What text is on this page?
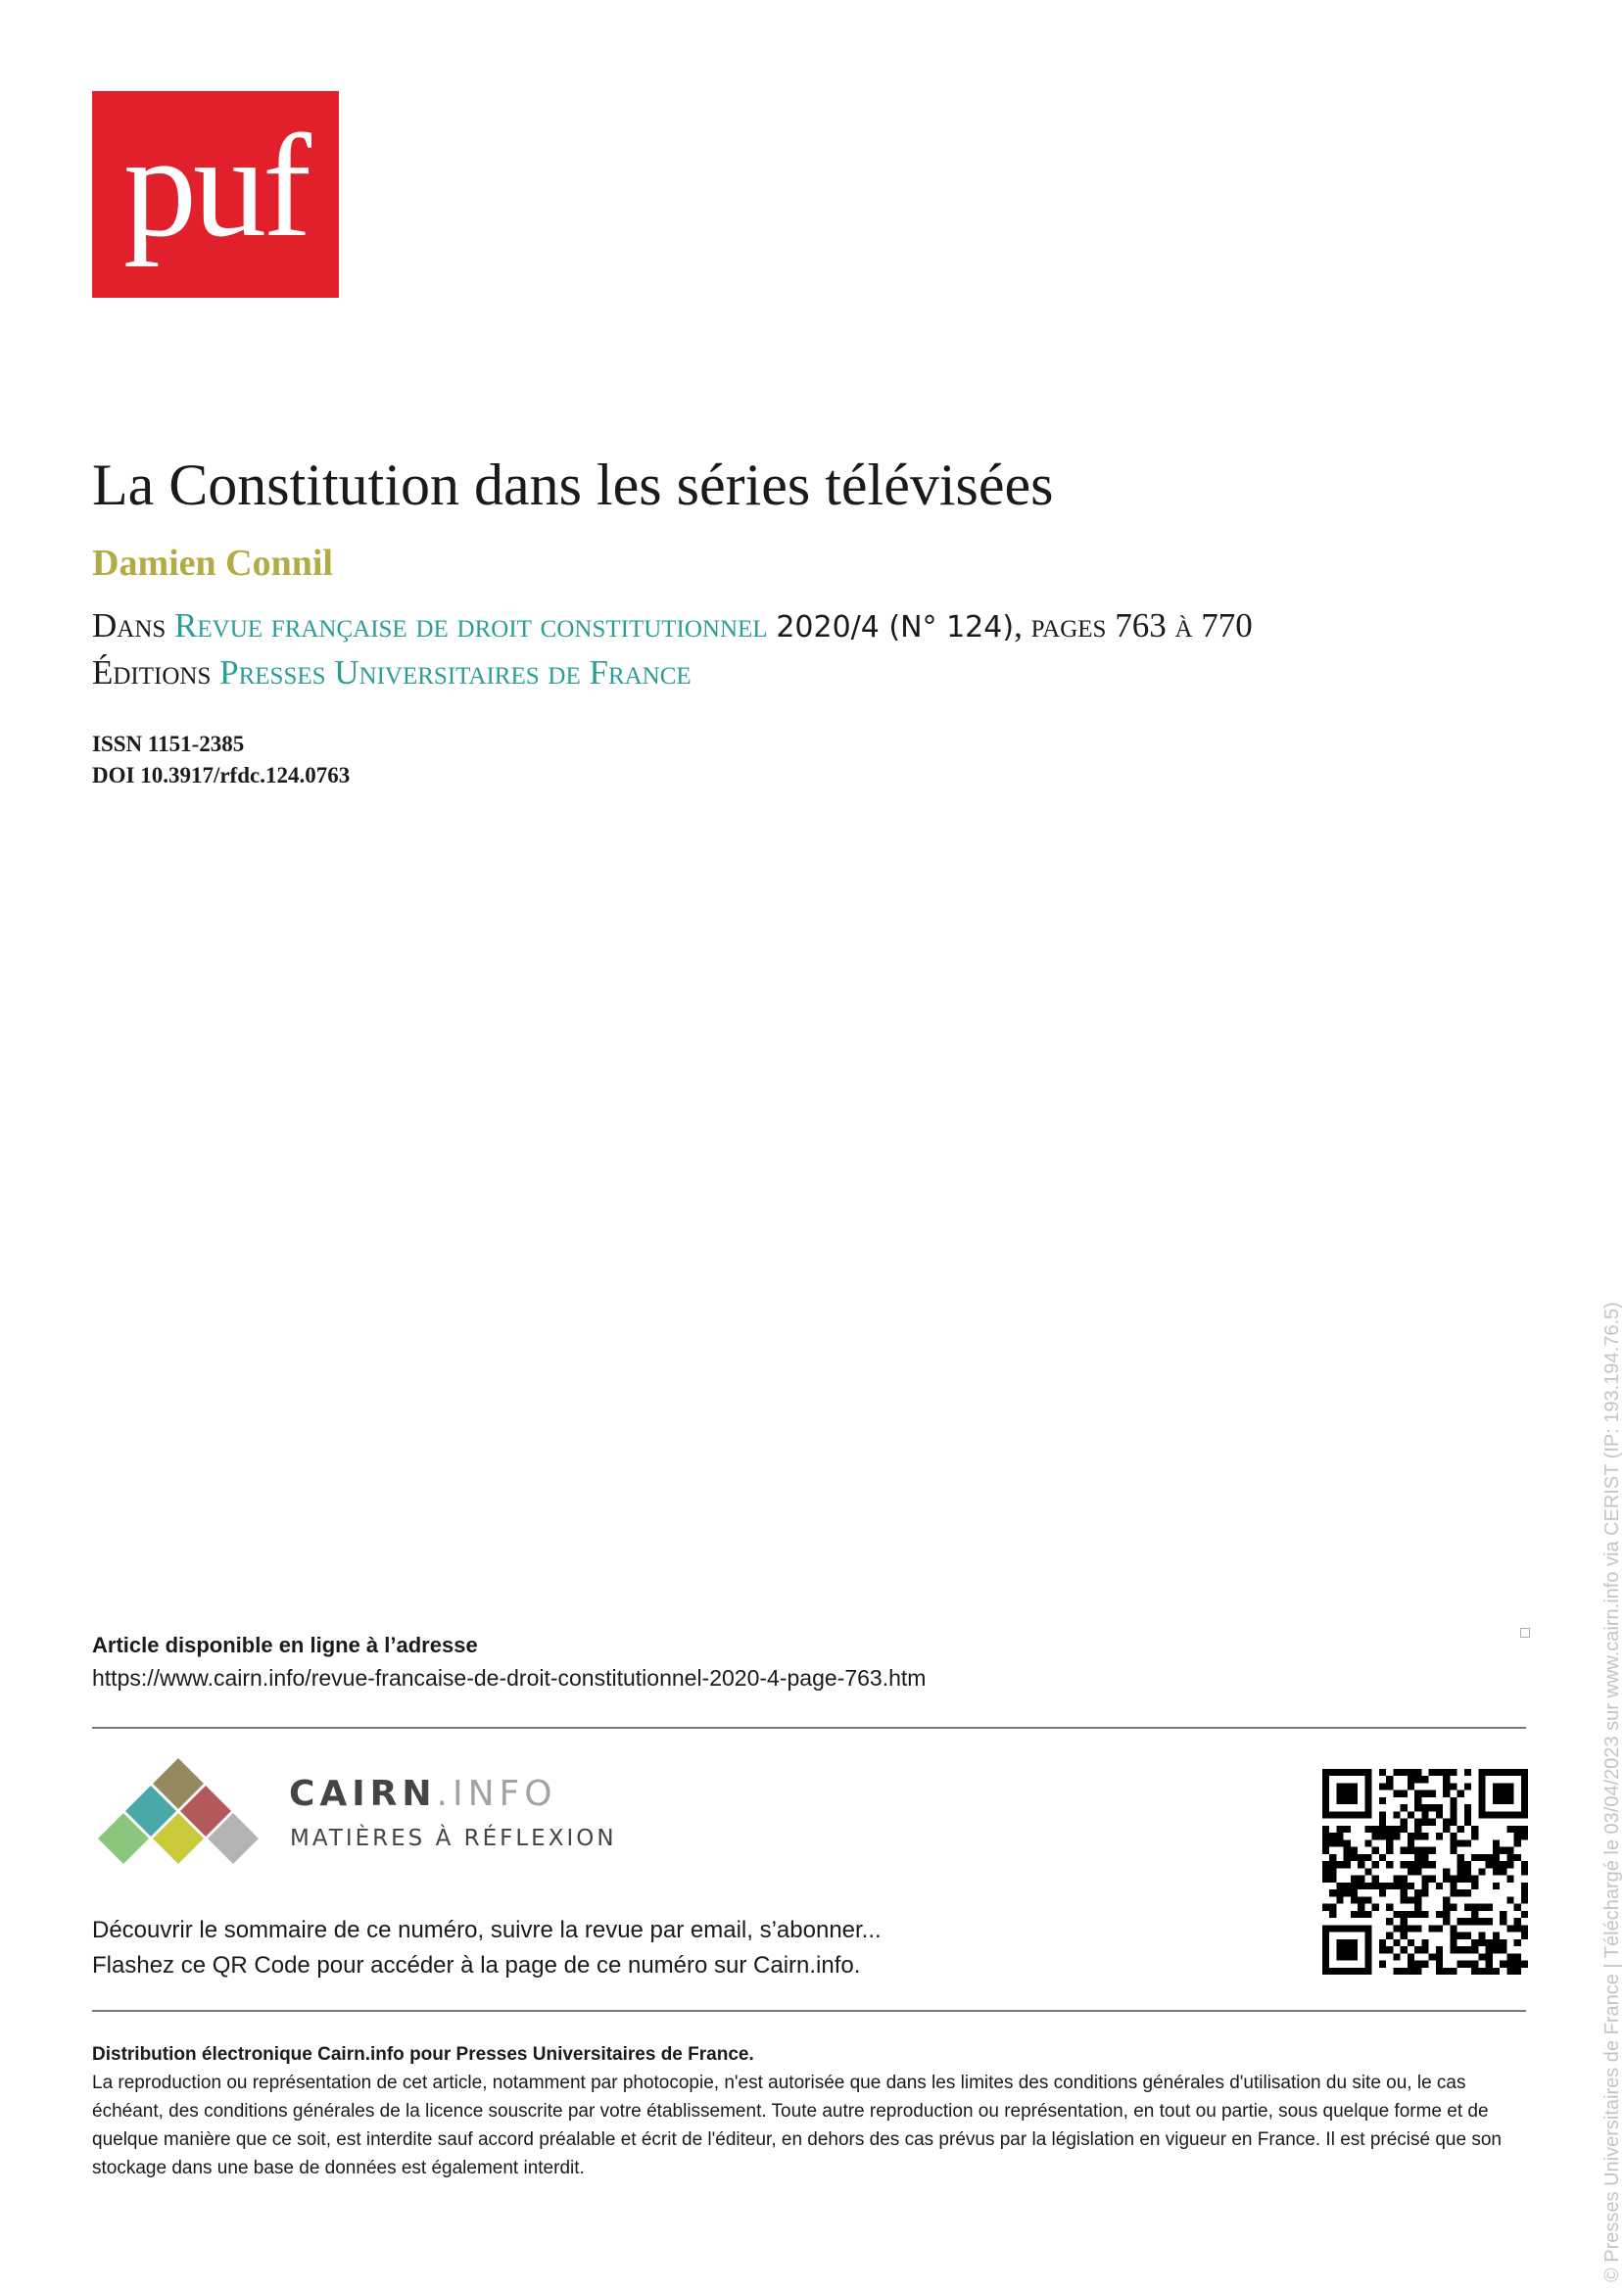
puf
La Constitution dans les séries télévisées
Damien Connil
Dans Revue française de droit constitutionnel 2020/4 (N° 124), pages 763 à 770
Éditions Presses Universitaires de France
ISSN 1151-2385
DOI 10.3917/rfdc.124.0763
Article disponible en ligne à l’adresse
https://www.cairn.info/revue-francaise-de-droit-constitutionnel-2020-4-page-763.htm
CAIRN.INFO
MATIÈRES À RÉFLEXION
Découvrir le sommaire de ce numéro, suivre la revue par email, s’abonner...
Flashez ce QR Code pour accéder à la page de ce numéro sur Cairn.info.
Distribution électronique Cairn.info pour Presses Universitaires de France.

La reproduction ou représentation de cet article, notamment par photocopie, n'est autorisée que dans les limites des conditions générales d'utilisation du site ou, le cas échéant, des conditions générales de la licence souscrite par votre établissement. Toute autre reproduction ou représentation, en tout ou partie, sous quelque forme et de quelque manière que ce soit, est interdite sauf accord préalable et écrit de l'éditeur, en dehors des cas prévus par la législation en vigueur en France. Il est précisé que son stockage dans une base de données est également interdit.	© Presses Universitaires de France | Téléchargé le 03/04/2023 sur www.cairn.info via CERIST (IP: 193.194.76.5)
